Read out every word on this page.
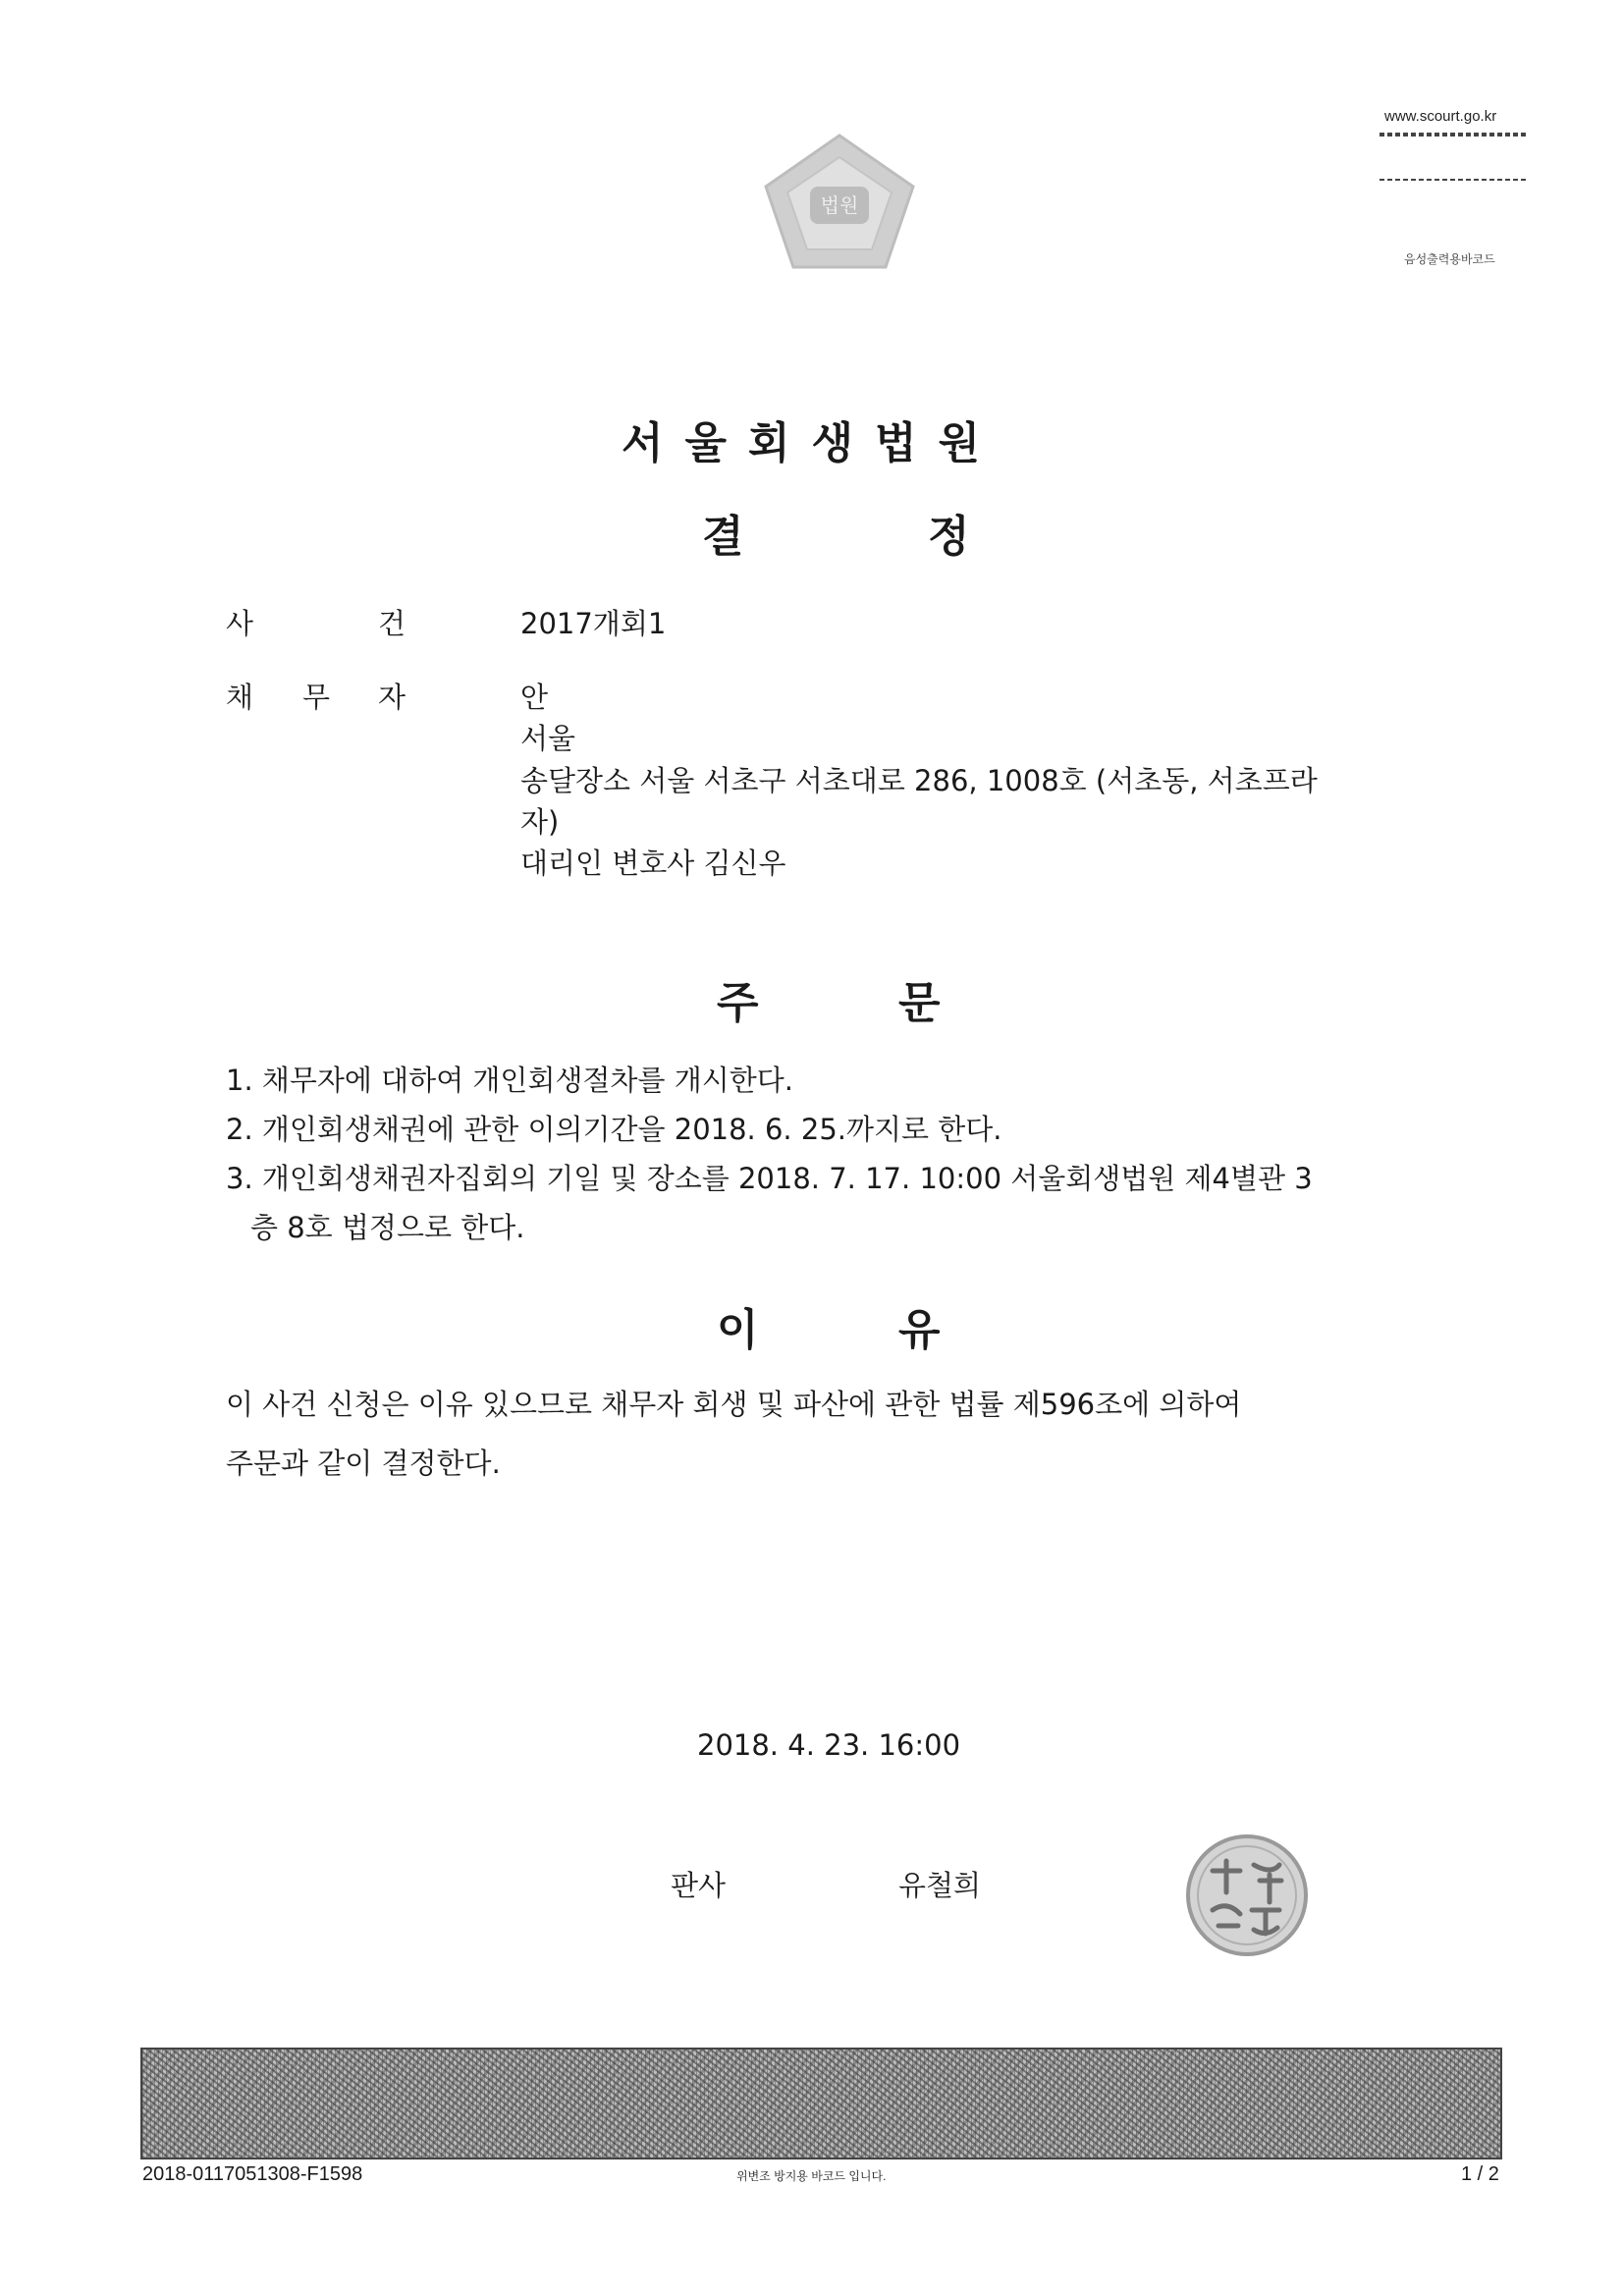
법원
www.scourt.go.kr
음성출력용바코드
서울회생법원
결	정
사	건	2017개회1
채 무 자	안
서울
송달장소 서울 서초구 서초대로 286, 1008호 (서초동, 서초프라
자)
대리인 변호사 김신우
주	문
1. 채무자에 대하여 개인회생절차를 개시한다.
2. 개인회생채권에 관한 이의기간을 2018. 6. 25.까지로 한다.
3. 개인회생채권자집회의 기일 및 장소를 2018. 7. 17. 10:00 서울회생법원 제4별관 3
층 8호 법정으로 한다.
이	유
이 사건 신청은 이유 있으므로 채무자 회생 및 파산에 관한 법률 제596조에 의하여
주문과 같이 결정한다.
2018. 4. 23. 16:00
판사	유철희
2018-0117051308-F1598	위변조 방지용 바코드 입니다.	1 / 2
